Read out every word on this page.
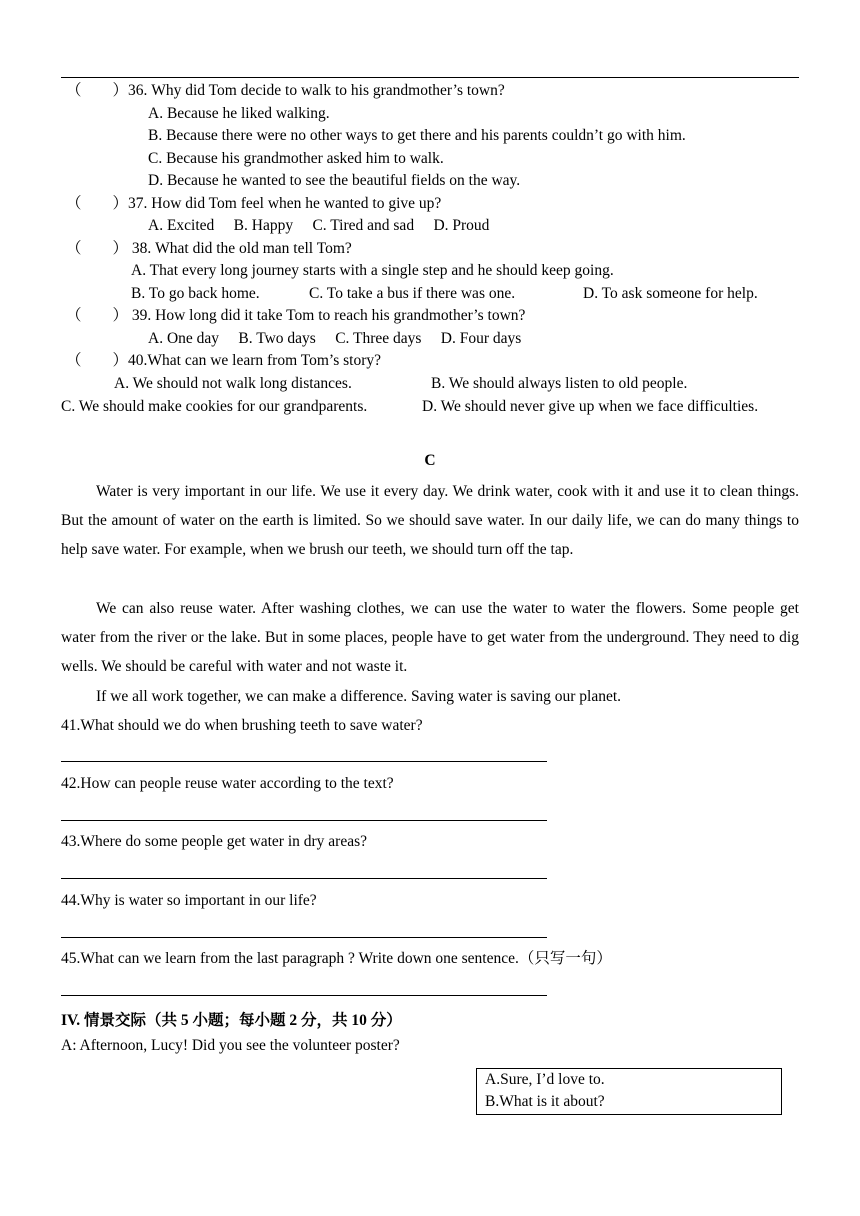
（　　）36. Why did Tom decide to walk to his grandmother’s town?
A. Because he liked walking.
B. Because there were no other ways to get there and his parents couldn’t go with him.
C. Because his grandmother asked him to walk.
D. Because he wanted to see the beautiful fields on the way.
（　　）37. How did Tom feel when he wanted to give up?
A. Excited　 B. Happy　 C. Tired and sad　 D. Proud
（　　） 38. What did the old man tell Tom?
A. That every long journey starts with a single step and he should keep going.
B. To go back home.	C. To take a bus if there was one.	D. To ask someone for help.
（　　） 39. How long did it take Tom to reach his grandmother’s town?
A. One day　 B. Two days　 C. Three days　 D. Four days
（　　）40.What can we learn from Tom’s story?
A. We should not walk long distances.	B. We should always listen to old people.
C. We should make cookies for our grandparents.	D. We should never give up when we face difficulties.
C
Water is very important in our life. We use it every day. We drink water, cook with it and use it to clean things. But the amount of water on the earth is limited. So we should save water. In our daily life, we can do many things to help save water. For example, when we brush our teeth, we should turn off the tap.
We can also reuse water. After washing clothes, we can use the water to water the flowers. Some people get water from the river or the lake. But in some places, people have to get water from the underground. They need to dig wells. We should be careful with water and not waste it.
If we all work together, we can make a difference. Saving water is saving our planet.
41.What should we do when brushing teeth to save water?
42.How can people reuse water according to the text?
43.Where do some people get water in dry areas?
44.Why is water so important in our life?
45.What can we learn from the last paragraph ? Write down one sentence.（只写一句）
IV. 情景交际（共 5 小题；每小题 2 分，共 10 分）
A: Afternoon, Lucy! Did you see the volunteer poster?
A.Sure, I’d love to.
B.What is it about?
